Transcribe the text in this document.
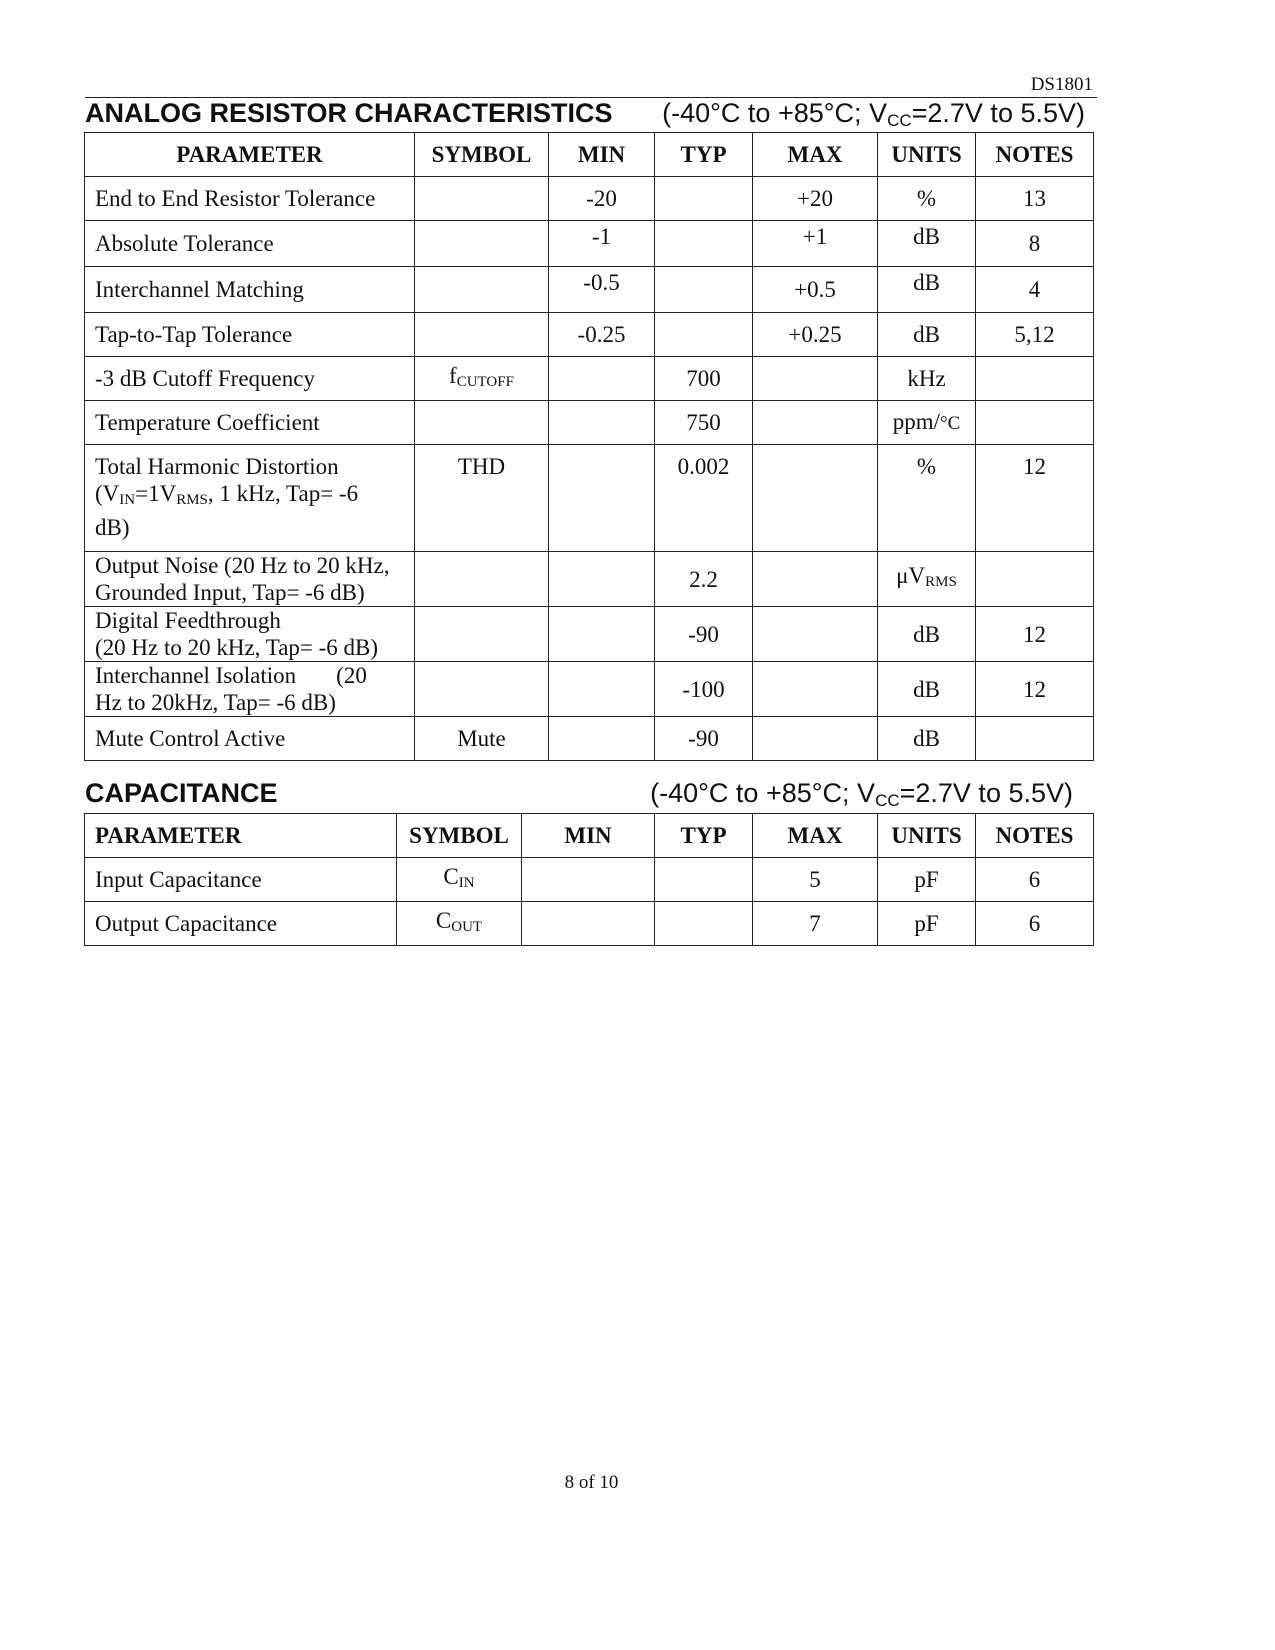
DS1801
ANALOG RESISTOR CHARACTERISTICS (-40°C to +85°C; $V_{CC}=2.7V$ to 5.5V)
PARAMETER	SYMBOL	MIN	TYP	MAX	UNITS	NOTES
End to End Resistor Tolerance		-20		+20	%	13
Absolute Tolerance		-1		+1	dB	8
Interchannel Matching		-0.5		+0.5	dB	4
Tap-to-Tap Tolerance		-0.25		+0.25	dB	5,12
-3 dB Cutoff Frequency	$f_{CUTOFF}$		700		kHz	
Temperature Coefficient			750		ppm/°C	
Total Harmonic Distortion
($V_{IN}=1V_{RMS}$, 1 kHz, Tap= -6
dB)	THD		0.002		%	12
Output Noise (20 Hz to 20 kHz,
Grounded Input, Tap= -6 dB)			2.2		$\mu V_{RMS}$	
Digital Feedthrough
(20 Hz to 20 kHz, Tap= -6 dB)			-90		dB	12
Interchannel Isolation (20
Hz to 20kHz, Tap= -6 dB)			-100		dB	12
Mute Control Active	Mute		-90		dB	
CAPACITANCE	(-40°C to +85°C; $V_{CC}=2.7V$ to 5.5V)
PARAMETER	SYMBOL	MIN	TYP	MAX	UNITS	NOTES
Input Capacitance	$C_{IN}$			5	pF	6
Output Capacitance	$C_{OUT}$			7	pF	6
8 of 10
